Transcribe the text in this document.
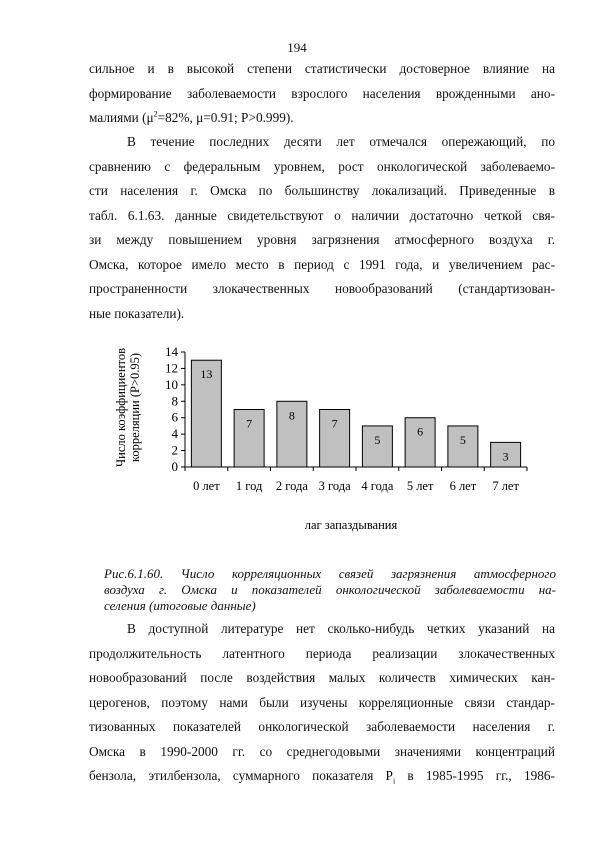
194

сильное и в высокой степени статистически достоверное влияние на
формирование заболеваемости взрослого населения врожденными ано-
малиями ($\mu^2=82\%$, μ=0.91; P>0.999).

В течение последних десяти лет отмечался опережающий, по
сравнению с федеральным уровнем, рост онкологической заболеваемо-
сти населения г. Омска по большинству локализаций. Приведенные в
табл. 6.1.63. данные свидетельствуют о наличии достаточно четкой свя-
зи между повышением уровня загрязнения атмосферного воздуха г.
Омска, которое имело место в период с 1991 года, и увеличением рас-
пространенности злокачественных новообразований (стандартизован-
ные показатели).

0
2
4
6
8
10
12
14
13
0 лет
7
1 год
8
2 года
7
3 года
5
4 года
6
5 лет
5
6 лет
3
7 лет
Число коэффициентов корреляции (P>0.95)
лаг запаздывания

Рис.6.1.60. Число корреляционных связей загрязнения атмосферного
воздуха г. Омска и показателей онкологической заболеваемости на-
селения (итоговые данные)

В доступной литературе нет сколько-нибудь четких указаний на
продолжительность латентного периода реализации злокачественных
новообразований после воздействия малых количеств химических кан-
церогенов, поэтому нами были изучены корреляционные связи стандар-
тизованных показателей онкологической заболеваемости населения г.
Омска в 1990-2000 гг. со среднегодовыми значениями концентраций
бензола, этилбензола, суммарного показателя $P_i$ в 1985-1995 гг., 1986-
